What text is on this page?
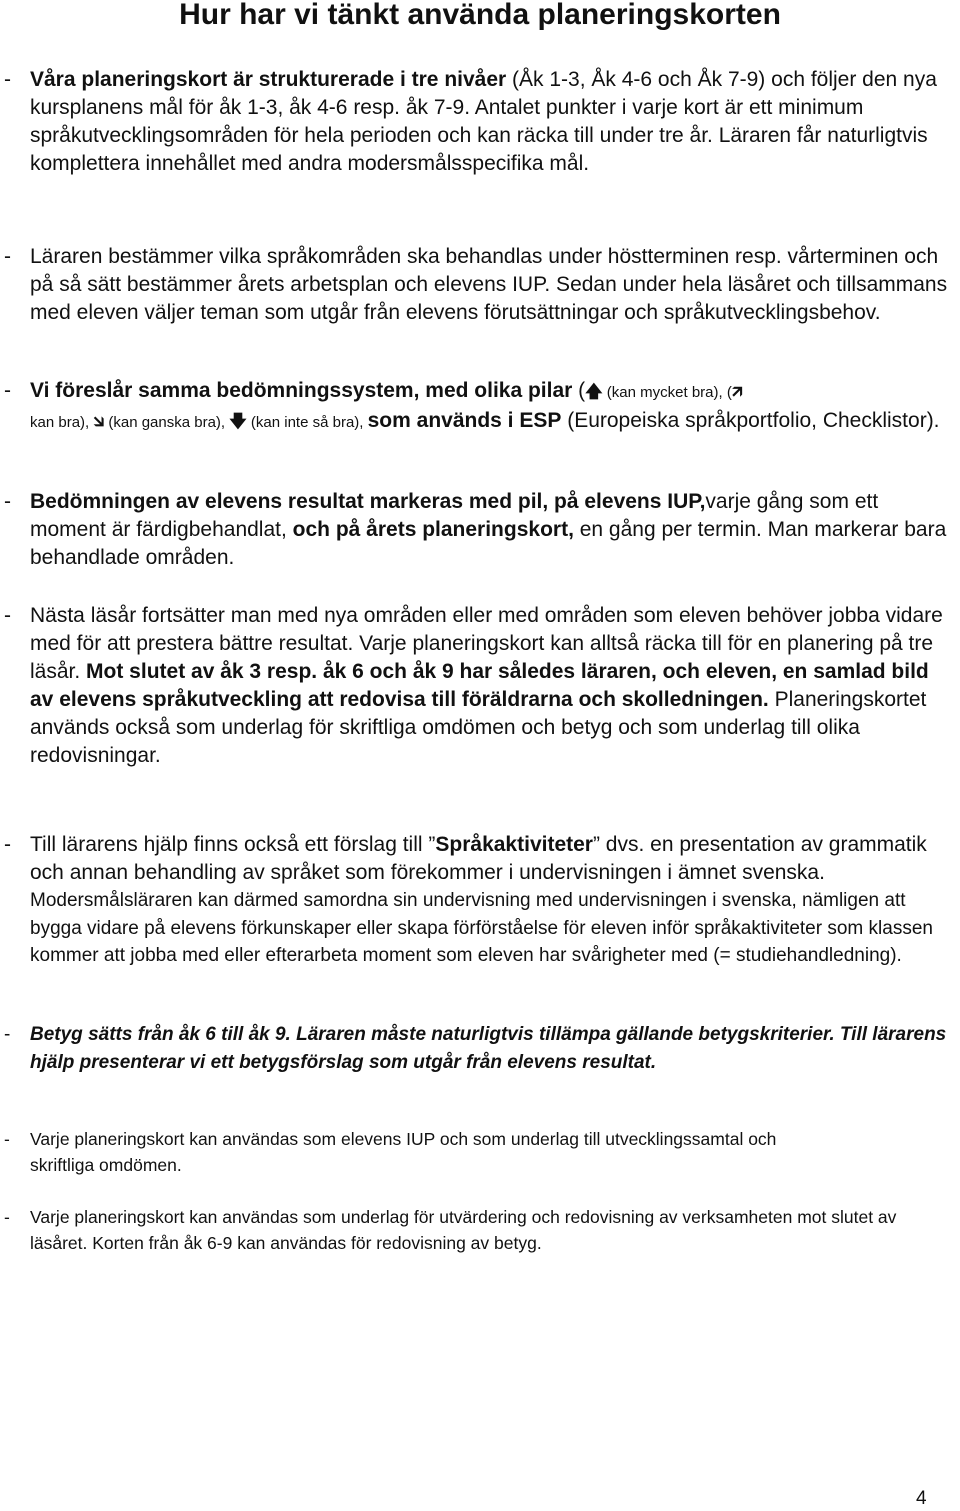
Hur har vi tänkt använda planeringskorten
- Våra planeringskort är strukturerade i tre nivåer (Åk 1-3, Åk 4-6 och Åk 7-9) och följer den nya kursplanens mål för åk 1-3, åk 4-6 resp. åk 7-9. Antalet punkter i varje kort är ett minimum språkutvecklingsområden för hela perioden och kan räcka till under tre år. Läraren får naturligtvis komplettera innehållet med andra modersmålsspecifika mål.
- Läraren bestämmer vilka språkområden ska behandlas under höstterminen resp. vårterminen och på så sätt bestämmer årets arbetsplan och elevens IUP. Sedan under hela läsåret och tillsammans med eleven väljer teman som utgår från elevens förutsättningar och språkutvecklingsbehov.
- Vi föreslår samma bedömningssystem, med olika pilar (🡅 (kan mycket bra), (🡭
kan bra), 🡮 (kan ganska bra), 🡇 (kan inte så bra), som används i ESP (Europeiska språkportfolio, Checklistor).
- Bedömningen av elevens resultat markeras med pil, på elevens IUP,varje gång som ett moment är färdigbehandlat, och på årets planeringskort, en gång per termin. Man markerar bara behandlade områden.
- Nästa läsår fortsätter man med nya områden eller med områden som eleven behöver jobba vidare med för att prestera bättre resultat. Varje planeringskort kan alltså räcka till för en planering på tre läsår. Mot slutet av åk 3 resp. åk 6 och åk 9 har således läraren, och eleven, en samlad bild av elevens språkutveckling att redovisa till föräldrarna och skolledningen. Planeringskortet används också som underlag för skriftliga omdömen och betyg och som underlag till olika redovisningar.
- Till lärarens hjälp finns också ett förslag till ”Språkaktiviteter” dvs. en presentation av grammatik och annan behandling av språket som förekommer i undervisningen i ämnet svenska. Modersmålsläraren kan därmed samordna sin undervisning med undervisningen i svenska, nämligen att bygga vidare på elevens förkunskaper eller skapa förförståelse för eleven inför språkaktiviteter som klassen kommer att jobba med eller efterarbeta moment som eleven har svårigheter med (= studiehandledning).
- Betyg sätts från åk 6 till åk 9. Läraren måste naturligtvis tillämpa gällande betygskriterier. Till lärarens hjälp presenterar vi ett betygsförslag som utgår från elevens resultat.
- Varje planeringskort kan användas som elevens IUP och som underlag till utvecklingssamtal och skriftliga omdömen.
- Varje planeringskort kan användas som underlag för utvärdering och redovisning av verksamheten mot slutet av läsåret. Korten från åk 6-9 kan användas för redovisning av betyg.
4
